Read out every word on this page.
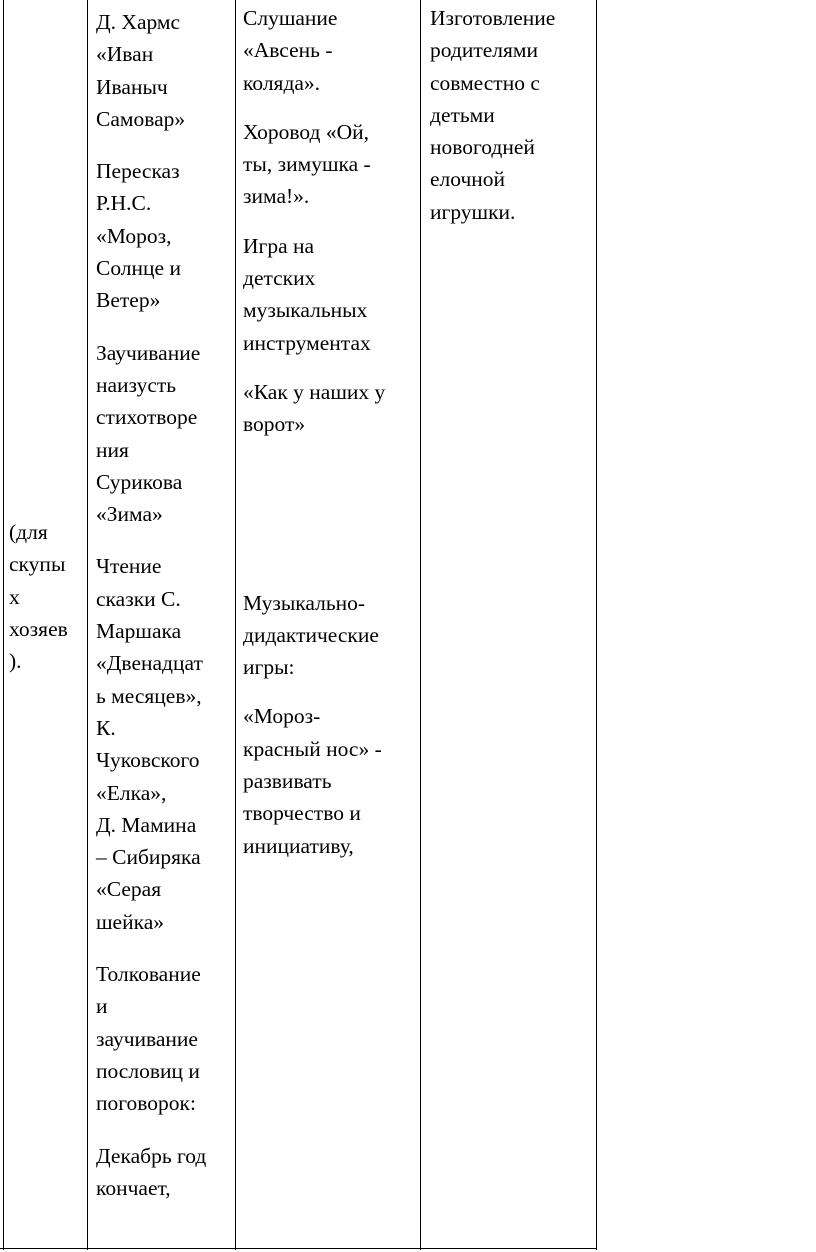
(для
скупы
х
хозяев
).

Д. Хармс
«Иван
Иваныч
Самовар»

Пересказ
Р.Н.С.
«Мороз,
Солнце и
Ветер»

Заучивание
наизусть
стихотворе
ния
Сурикова
«Зима»

Чтение
сказки С.
Маршака
«Двенадцат
ь месяцев»,
К.
Чуковского
«Елка»,
Д. Мамина
– Сибиряка
«Серая
шейка»

Толкование
и
заучивание
пословиц и
поговорок:

Декабрь год
кончает,

Слушание
«Авсень -
коляда».

Хоровод «Ой,
ты, зимушка -
зима!».

Игра на
детских
музыкальных
инструментах

«Как у наших у
ворот»

Музыкально-
дидактические
игры:

«Мороз-
красный нос» -
развивать
творчество и
инициативу,

Изготовление
родителями
совместно с
детьми
новогодней
елочной
игрушки.
